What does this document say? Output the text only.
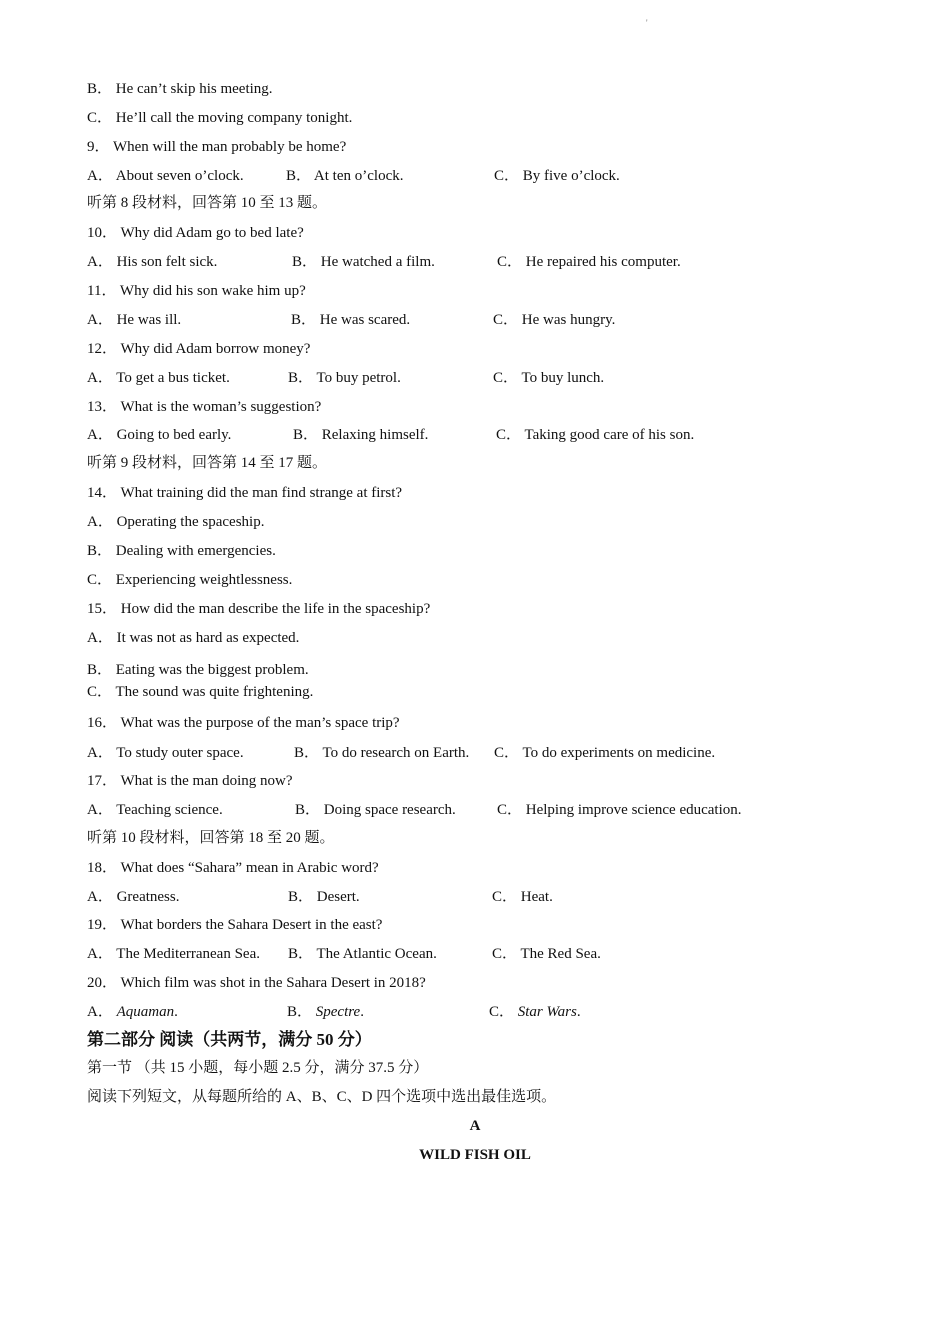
'
B． He can’t skip his meeting.
C． He’ll call the moving company tonight.
9． When will the man probably be home?
A． About seven o’clock.	B． At ten o’clock.	C． By five o’clock.
听第 8 段材料，回答第 10 至 13 题。
10． Why did Adam go to bed late?
A． His son felt sick.	B． He watched a film.	C． He repaired his computer.
11． Why did his son wake him up?
A． He was ill.	B． He was scared.	C． He was hungry.
12． Why did Adam borrow money?
A． To get a bus ticket.	B． To buy petrol.	C． To buy lunch.
13． What is the woman’s suggestion?
A． Going to bed early.	B． Relaxing himself.	C． Taking good care of his son.
听第 9 段材料，回答第 14 至 17 题。
14． What training did the man find strange at first?
A． Operating the spaceship.
B． Dealing with emergencies.
C． Experiencing weightlessness.
15． How did the man describe the life in the spaceship?
A． It was not as hard as expected.
B． Eating was the biggest problem.
C． The sound was quite frightening.
16． What was the purpose of the man’s space trip?
A． To study outer space.	B． To do research on Earth. C． To do experiments on medicine.
17． What is the man doing now?
A． Teaching science.	B． Doing space research.	C． Helping improve science education.
听第 10 段材料，回答第 18 至 20 题。
18． What does “Sahara” mean in Arabic word?
A． Greatness.	B． Desert.	C． Heat.
19． What borders the Sahara Desert in the east?
A． The Mediterranean Sea. B． The Atlantic Ocean.	C． The Red Sea.
20． Which film was shot in the Sahara Desert in 2018?
A． Aquaman.	B． Spectre.	C． Star Wars.
第二部分 阅读（共两节，满分 50 分）
第一节 （共 15 小题，每小题 2.5 分，满分 37.5 分）
阅读下列短文，从每题所给的 A、B、C、D 四个选项中选出最佳选项。
A
WILD FISH OIL
